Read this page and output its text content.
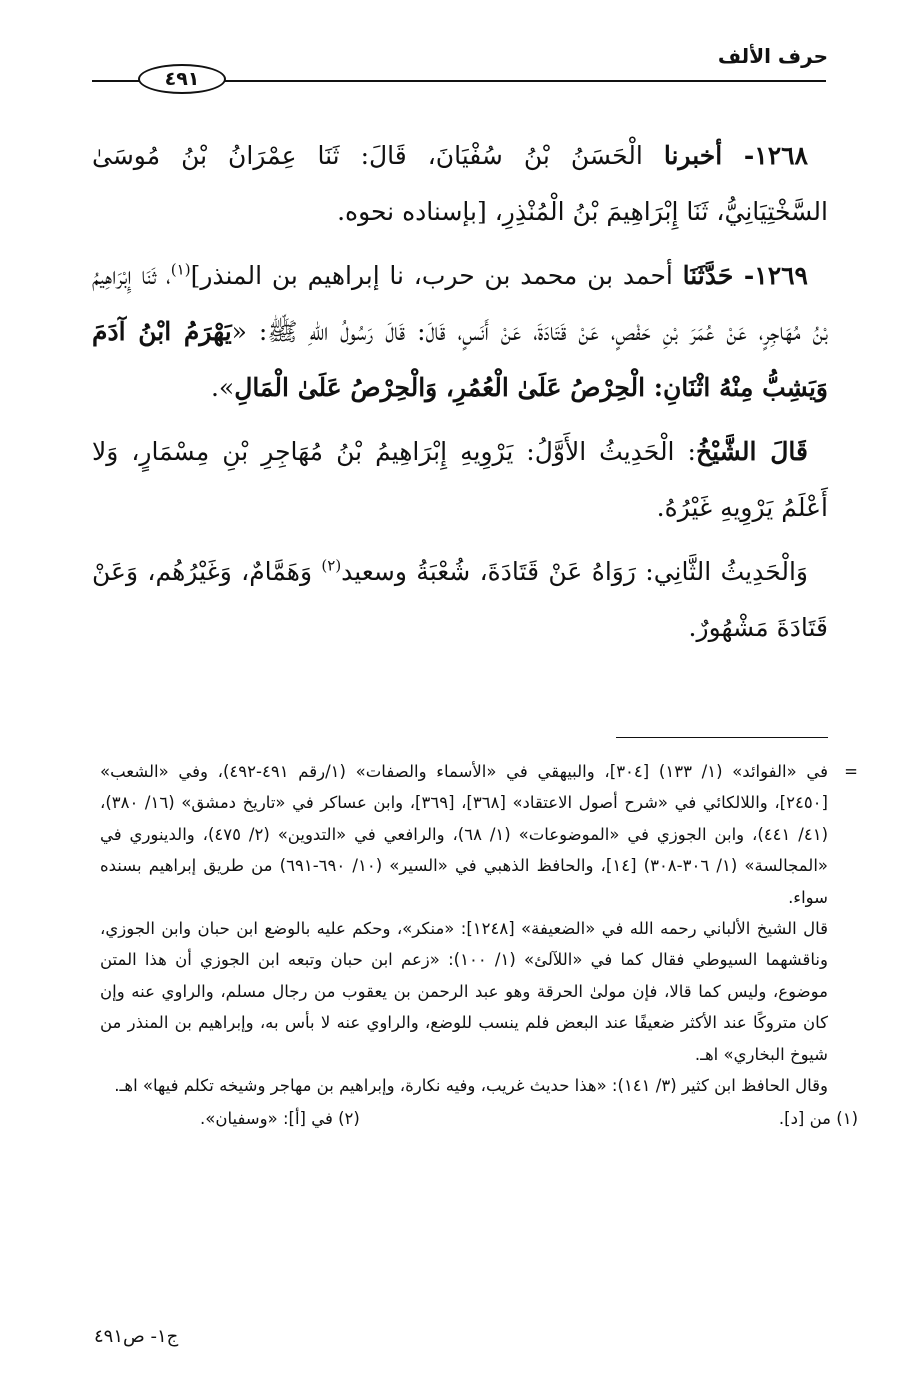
حرف الألف
٤٩١

١٢٦٨- أخبرنا الْحَسَنُ بْنُ سُفْيَانَ، قَالَ: ثَنَا عِمْرَانُ بْنُ مُوسَىٰ السَّخْتِيَانِيُّ، ثَنَا إِبْرَاهِيمَ بْنُ الْمُنْذِرِ، [بإسناده نحوه.

١٢٦٩- حَدَّثَنَا أحمد بن محمد بن حرب، نا إبراهيم بن المنذر]$^{(١)}$، ثَنَا إِبْرَاهِيمُ بْنُ مُهَاجِرٍ، عَنْ عُمَرَ بْنِ حَفْصٍ، عَنْ قَتَادَةَ، عَنْ أَنَسٍ، قَالَ: قَالَ رَسُولُ اللهِ ﷺ: «يَهْرَمُ ابْنُ آدَمَ وَيَشِبُّ مِنْهُ اثْنَانِ: الْحِرْصُ عَلَىٰ الْعُمُرِ، وَالْحِرْصُ عَلَىٰ الْمَالِ».

قَالَ الشَّيْخُ: الْحَدِيثُ الأَوَّلُ: يَرْوِيهِ إِبْرَاهِيمُ بْنُ مُهَاجِرِ بْنِ مِسْمَارٍ، وَلا أَعْلَمُ يَرْوِيهِ غَيْرُهُ.

وَالْحَدِيثُ الثَّانِي: رَوَاهُ عَنْ قَتَادَةَ، شُعْبَةُ وسعيد$^{(٢)}$ وَهَمَّامٌ، وَغَيْرُهُم، وَعَنْ قَتَادَةَ مَشْهُورٌ.

=
في «الفوائد» (١/ ١٣٣) [٣٠٤]، والبيهقي في «الأسماء والصفات» (١/رقم ٤٩١-٤٩٢)، وفي «الشعب» [٢٤٥٠]، واللالكائي في «شرح أصول الاعتقاد» [٣٦٨]، [٣٦٩]، وابن عساكر في «تاريخ دمشق» (١٦/ ٣٨٠)، (٤١/ ٤٤١)، وابن الجوزي في «الموضوعات» (١/ ٦٨)، والرافعي في «التدوين» (٢/ ٤٧٥)، والدينوري في «المجالسة» (١/ ٣٠٦-٣٠٨) [١٤]، والحافظ الذهبي في «السير» (١٠/ ٦٩٠-٦٩١) من طريق إبراهيم بسنده سواء.

قال الشيخ الألباني رحمه الله في «الضعيفة» [١٢٤٨]: «منكر»، وحكم عليه بالوضع ابن حبان وابن الجوزي، وناقشهما السيوطي فقال كما في «اللآلئ» (١/ ١٠٠): «زعم ابن حبان وتبعه ابن الجوزي أن هذا المتن موضوع، وليس كما قالا، فإن مولىٰ الحرقة وهو عبد الرحمن بن يعقوب من رجال مسلم، والراوي عنه وإن كان متروكًا عند الأكثر ضعيفًا عند البعض فلم ينسب للوضع، والراوي عنه لا بأس به، وإبراهيم بن المنذر من شيوخ البخاري» اهـ.

وقال الحافظ ابن كثير (٣/ ١٤١): «هذا حديث غريب، وفيه نكارة، وإبراهيم بن مهاجر وشيخه تكلم فيها» اهـ.

(١) من [د].
(٢) في [أ]: «وسفيان».

ج١- ص٤٩١
